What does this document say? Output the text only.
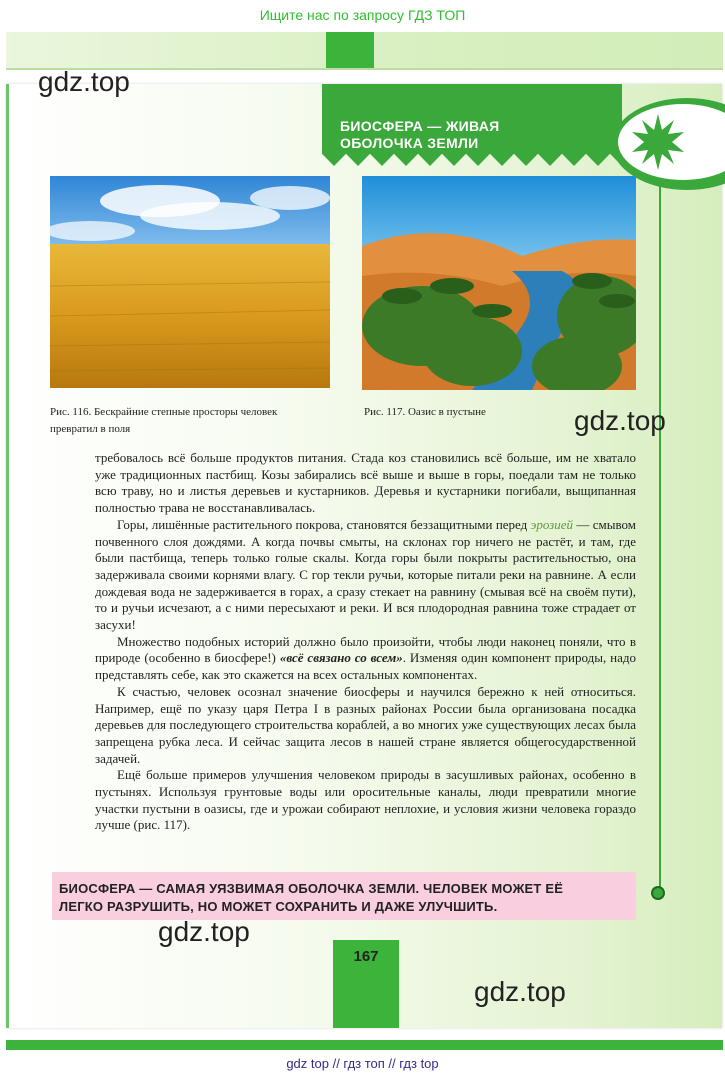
Ищите нас по запросу ГДЗ ТОП
gdz.top
БИОСФЕРА — ЖИВАЯ
ОБОЛОЧКА ЗЕМЛИ
Рис. 116. Бескрайние степные просторы человек
превратил в поля
Рис. 117. Оазис в пустыне	gdz.top

требовалось всё больше продуктов питания. Стада коз становились всё больше, им не хватало уже традиционных пастбищ. Козы забирались всё выше и выше в горы, поедали там не только всю траву, но и листья деревьев и кустарников. Деревья и кустарники погибали, выщипанная полностью трава не восстанавливалась.

Горы, лишённые растительного покрова, становятся беззащитными перед эрозией — смывом почвенного слоя дождями. А когда почвы смыты, на склонах гор ничего не растёт, и там, где были пастбища, теперь только голые скалы. Когда горы были покрыты растительностью, она задерживала своими корнями влагу. С гор текли ручьи, которые питали реки на равнине. А если дождевая вода не задерживается в горах, а сразу стекает на равнину (смывая всё на своём пути), то и ручьи исчезают, а с ними пересыхают и реки. И вся плодородная равнина тоже страдает от засухи!

Множество подобных историй должно было произойти, чтобы люди наконец поняли, что в природе (особенно в биосфере!) «всё связано со всем». Изменяя один компонент природы, надо представлять себе, как это скажется на всех остальных компонентах.

К счастью, человек осознал значение биосферы и научился бережно к ней относиться. Например, ещё по указу царя Петра I в разных районах России была организована посадка деревьев для последующего строительства кораблей, а во многих уже существующих лесах была запрещена рубка леса. И сейчас защита лесов в нашей стране является общегосударственной задачей.

Ещё больше примеров улучшения человеком природы в засушливых районах, особенно в пустынях. Используя грунтовые воды или оросительные каналы, люди превратили многие участки пустыни в оазисы, где и урожаи собирают неплохие, и условия жизни человека гораздо лучше (рис. 117).

БИОСФЕРА — САМАЯ УЯЗВИМАЯ ОБОЛОЧКА ЗЕМЛИ. ЧЕЛОВЕК МОЖЕТ ЕЁ
ЛЕГКО РАЗРУШИТЬ, НО МОЖЕТ СОХРАНИТЬ И ДАЖЕ УЛУЧШИТЬ.
gdz.top
167
gdz.top
gdz top // гдз топ // гдз top
